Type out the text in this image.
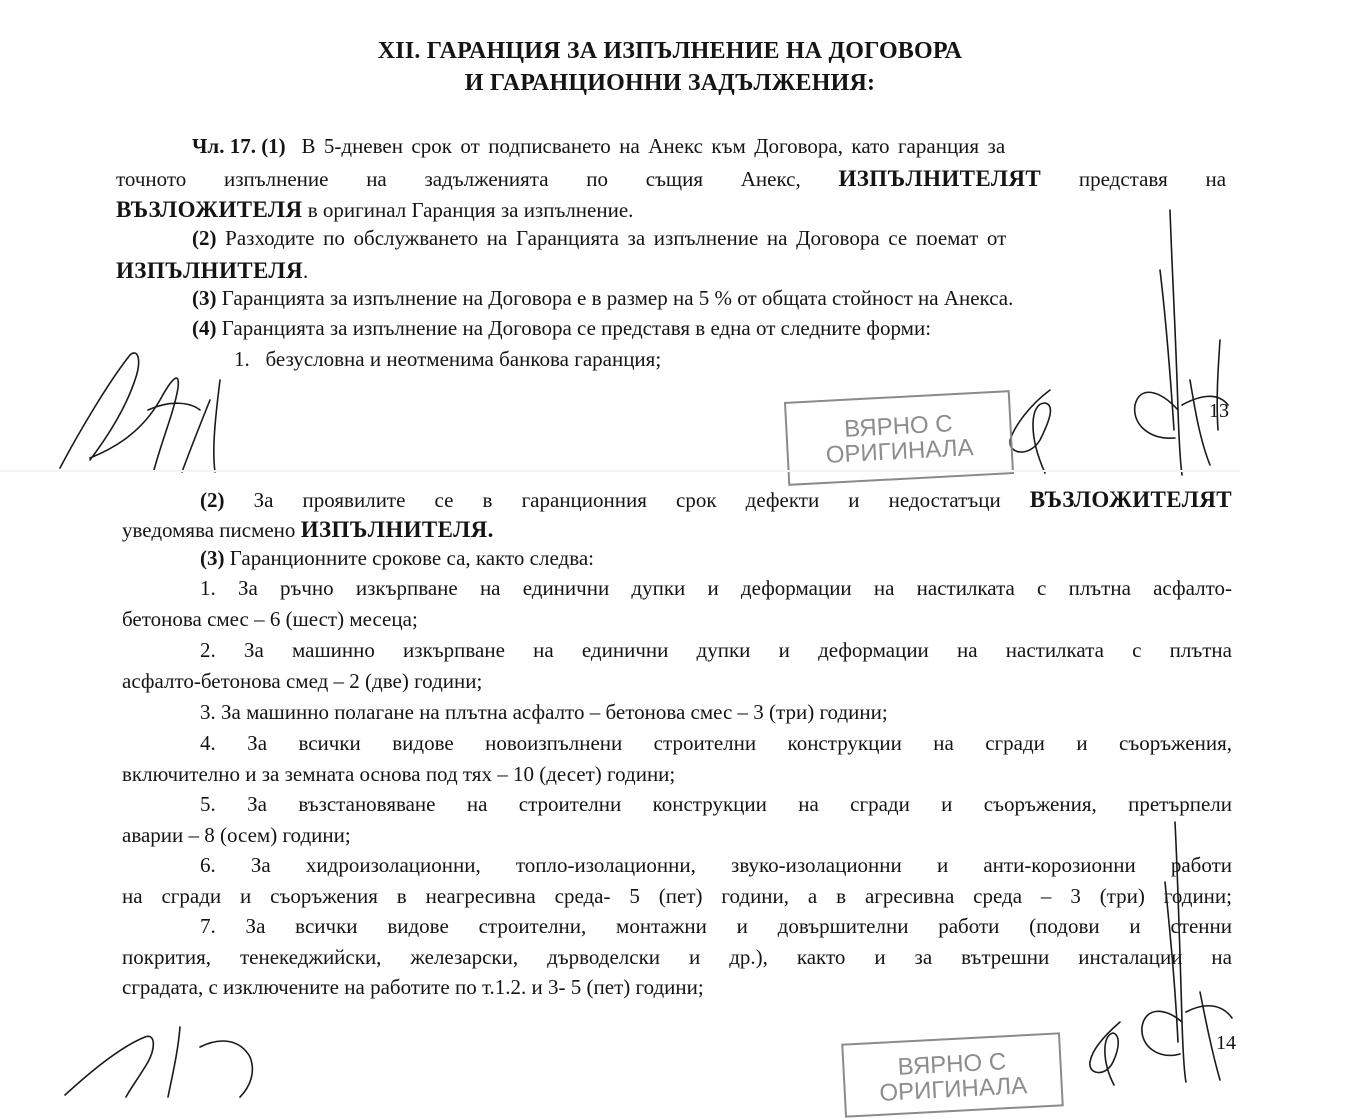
XII. ГАРАНЦИЯ ЗА ИЗПЪЛНЕНИЕ НА ДОГОВОРА
И ГАРАНЦИОННИ ЗАДЪЛЖЕНИЯ:
Чл. 17. (1) В 5-дневен срок от подписването на Анекс към Договора, като гаранция за
точното изпълнение на задълженията по същия Анекс, ИЗПЪЛНИТЕЛЯТ представя на
ВЪЗЛОЖИТЕЛЯ в оригинал Гаранция за изпълнение.
(2) Разходите по обслужването на Гаранцията за изпълнение на Договора се поемат от
ИЗПЪЛНИТЕЛЯ.
(3) Гаранцията за изпълнение на Договора е в размер на 5 % от общата стойност на Анекса.
(4) Гаранцията за изпълнение на Договора се представя в една от следните форми:
1. безусловна и неотменима банкова гаранция;
ВЯРНО С
ОРИГИНАЛА
13
(2) За проявилите се в гаранционния срок дефекти и недостатъци ВЪЗЛОЖИТЕЛЯТ
уведомява писмено ИЗПЪЛНИТЕЛЯ.
(3) Гаранционните срокове са, както следва:
1. За ръчно изкърпване на единични дупки и деформации на настилката с плътна асфалто-
бетонова смес – 6 (шест) месеца;
2. За машинно изкърпване на единични дупки и деформации на настилката с плътна
асфалто-бетонова смед – 2 (две) години;
3. За машинно полагане на плътна асфалто – бетонова смес – 3 (три) години;
4. За всички видове новоизпълнени строителни конструкции на сгради и съоръжения,
включително и за земната основа под тях – 10 (десет) години;
5. За възстановяване на строителни конструкции на сгради и съоръжения, претърпели
аварии – 8 (осем) години;
6. За хидроизолационни, топло-изолационни, звуко-изолационни и анти-корозионни работи
на сгради и съоръжения в неагресивна среда- 5 (пет) години, а в агресивна среда – 3 (три) години;
7. За всички видове строителни, монтажни и довършителни работи (подови и стенни
покрития, тенекеджийски, железарски, дърводелски и др.), както и за вътрешни инсталации на
сградата, с изключените на работите по т.1.2. и 3- 5 (пет) години;
ВЯРНО С
ОРИГИНАЛА
14
